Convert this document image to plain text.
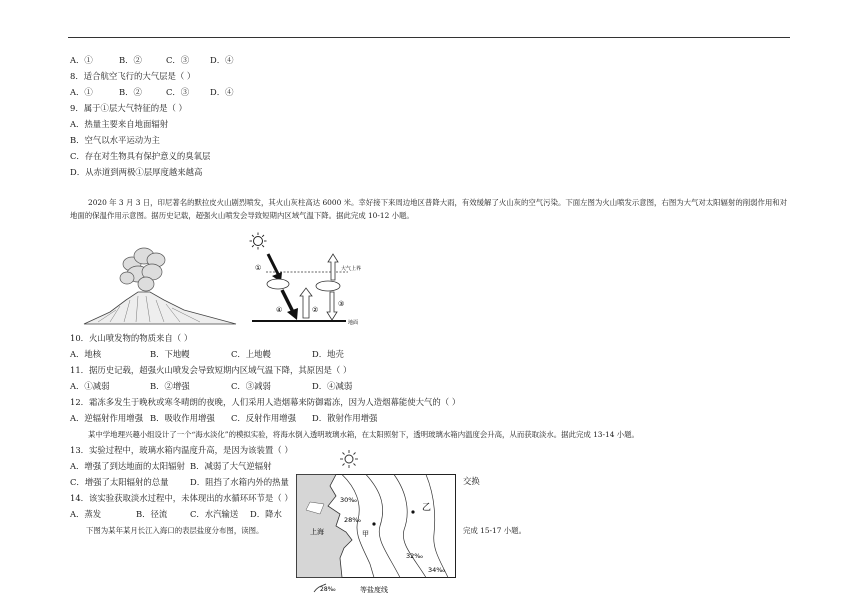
A．①	B．②	C．③ D．④
8．适合航空飞行的大气层是（ ）
A．①	B．②	C．③ D．④
9．属于①层大气特征的是（ ）
A．热量主要来自地面辐射
B．空气以水平运动为主
C．存在对生物具有保护意义的臭氧层
D．从赤道到两极①层厚度越来越高
2020 年 3 月 3 日，印尼著名的默拉皮火山剧烈喷发，其火山灰柱高达 6000 米。幸好接下来周边地区普降大雨，有效缓解了火山灰的空气污染。下面左图为火山喷发示意图，右图为大气对太阳辐射的削弱作用和对地面的保温作用示意图。据历史记载，超强火山喷发会导致短期内区域气温下降。据此完成 10-12 小题。
大气上界
地面
①
②
③
④
10．火山喷发物的物质来自（ ）
A．地核	B．下地幔	C．上地幔	D．地壳
11．据历史记载，超强火山喷发会导致短期内区域气温下降，其原因是（ ）
A．①减弱	B．②增强	C．③减弱	D．④减弱
12．霜冻多发生于晚秋或寒冬晴朗的夜晚，人们采用人造烟幕来防御霜冻，因为人造烟幕能使大气的（ ）
A．逆辐射作用增强 B．吸收作用增强 C．反射作用增强 D．散射作用增强
某中学地理兴趣小组设计了一个“海水淡化”的模拟实验，将海水倒入透明玻璃水箱，在太阳照射下，透明玻璃水箱内温度会升高，从而获取淡水。据此完成 13-14 小题。
13．实验过程中，玻璃水箱内温度升高，是因为该装置（ ）
A．增强了到达地面的太阳辐射 B．减弱了大气逆辐射
C．增强了太阳辐射的总量	D．阻挡了水箱内外的热量	交换
14．该实验获取淡水过程中，未体现出的水循环环节是（ ）
A．蒸发	B．径流	C．水汽输送 D．降水
下图为某年某月长江入海口的表层盐度分布图，读图。	完成 15-17 小题。
上海
30‰
28‰
32‰
34‰
甲
乙
28‰	等盐度线
